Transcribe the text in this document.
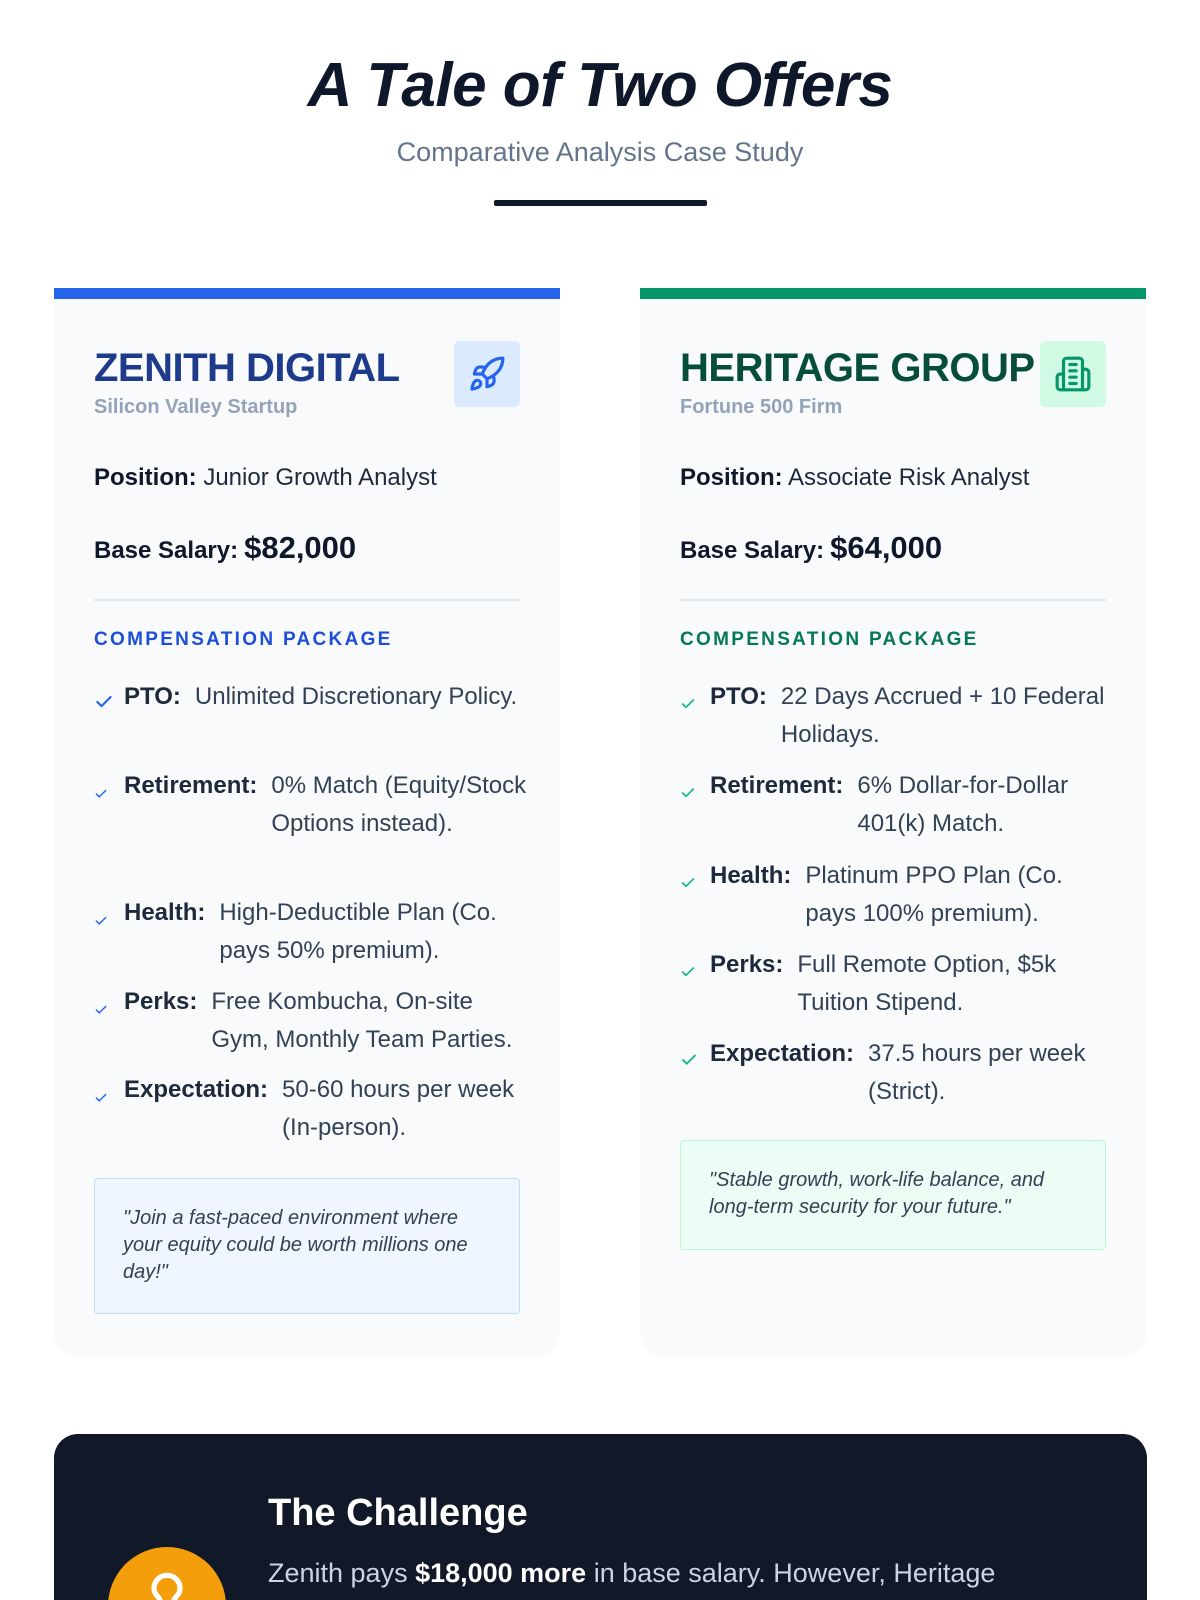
A Tale of Two Offers
Comparative Analysis Case Study
ZENITH DIGITAL
Silicon Valley Startup
Position: Junior Growth Analyst
Base Salary: $82,000
COMPENSATION PACKAGE
PTO: Unlimited Discretionary Policy.
Retirement: 0% Match (Equity/Stock Options instead).
Health: High-Deductible Plan (Co. pays 50% premium).
Perks: Free Kombucha, On-site Gym, Monthly Team Parties.
Expectation: 50-60 hours per week (In-person).
"Join a fast-paced environment where your equity could be worth millions one day!"
HERITAGE GROUP
Fortune 500 Firm
Position: Associate Risk Analyst
Base Salary: $64,000
COMPENSATION PACKAGE
PTO: 22 Days Accrued + 10 Federal Holidays.
Retirement: 6% Dollar-for-Dollar 401(k) Match.
Health: Platinum PPO Plan (Co. pays 100% premium).
Perks: Full Remote Option, $5k Tuition Stipend.
Expectation: 37.5 hours per week (Strict).
"Stable growth, work-life balance, and long-term security for your future."
The Challenge
Zenith pays $18,000 more in base salary. However, Heritage
